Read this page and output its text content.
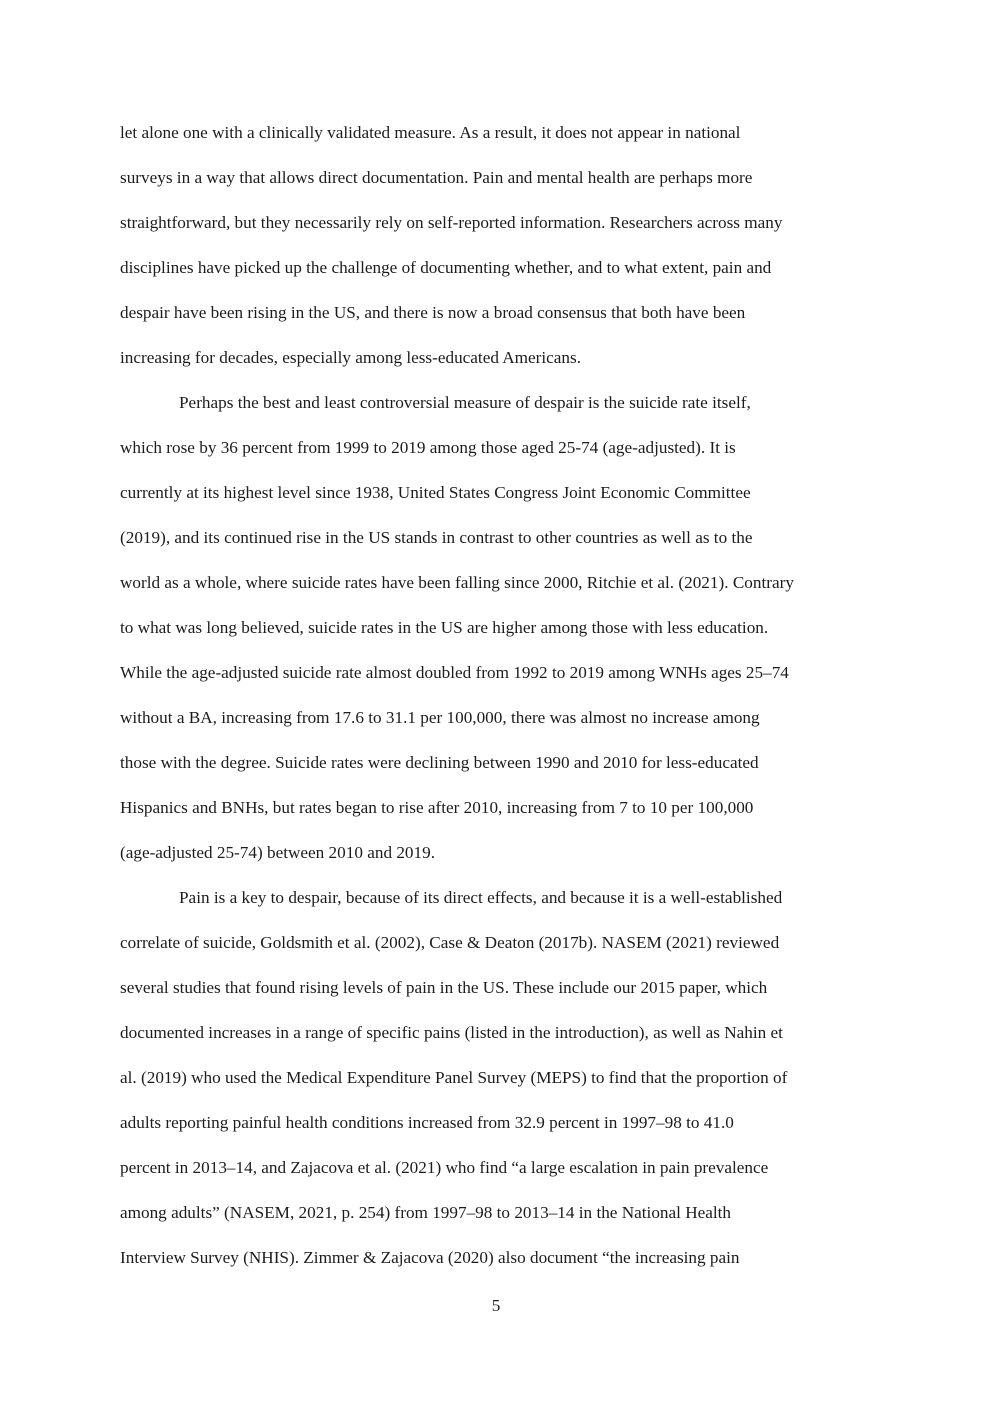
let alone one with a clinically validated measure. As a result, it does not appear in national
surveys in a way that allows direct documentation. Pain and mental health are perhaps more
straightforward, but they necessarily rely on self-reported information. Researchers across many
disciplines have picked up the challenge of documenting whether, and to what extent, pain and
despair have been rising in the US, and there is now a broad consensus that both have been
increasing for decades, especially among less-educated Americans.
Perhaps the best and least controversial measure of despair is the suicide rate itself,
which rose by 36 percent from 1999 to 2019 among those aged 25-74 (age-adjusted). It is
currently at its highest level since 1938, United States Congress Joint Economic Committee
(2019), and its continued rise in the US stands in contrast to other countries as well as to the
world as a whole, where suicide rates have been falling since 2000, Ritchie et al. (2021). Contrary
to what was long believed, suicide rates in the US are higher among those with less education.
While the age-adjusted suicide rate almost doubled from 1992 to 2019 among WNHs ages 25–74
without a BA, increasing from 17.6 to 31.1 per 100,000, there was almost no increase among
those with the degree. Suicide rates were declining between 1990 and 2010 for less-educated
Hispanics and BNHs, but rates began to rise after 2010, increasing from 7 to 10 per 100,000
(age-adjusted 25-74) between 2010 and 2019.
Pain is a key to despair, because of its direct effects, and because it is a well-established
correlate of suicide, Goldsmith et al. (2002), Case & Deaton (2017b). NASEM (2021) reviewed
several studies that found rising levels of pain in the US. These include our 2015 paper, which
documented increases in a range of specific pains (listed in the introduction), as well as Nahin et
al. (2019) who used the Medical Expenditure Panel Survey (MEPS) to find that the proportion of
adults reporting painful health conditions increased from 32.9 percent in 1997–98 to 41.0
percent in 2013–14, and Zajacova et al. (2021) who find “a large escalation in pain prevalence
among adults” (NASEM, 2021, p. 254) from 1997–98 to 2013–14 in the National Health
Interview Survey (NHIS). Zimmer & Zajacova (2020) also document “the increasing pain
5
